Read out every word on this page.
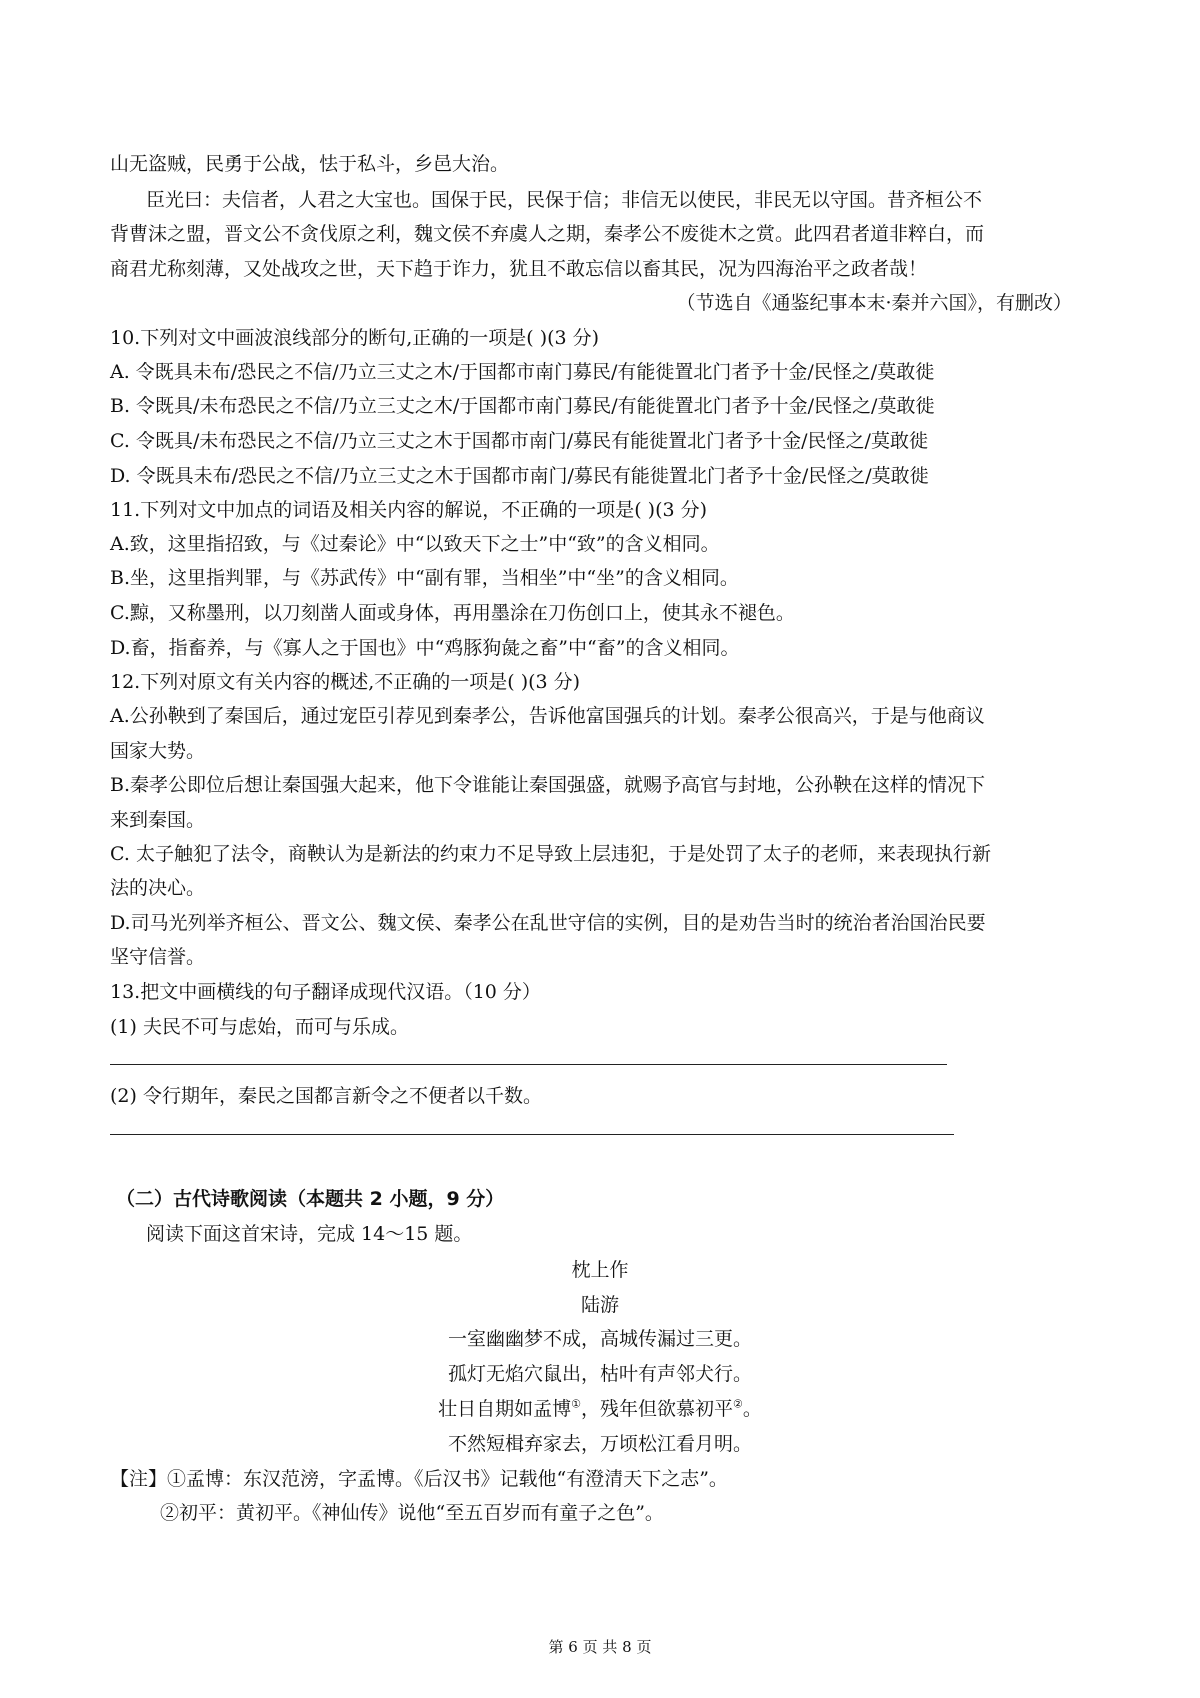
山无盗贼，民勇于公战，怯于私斗，乡邑大治。
臣光曰：夫信者，人君之大宝也。国保于民，民保于信；非信无以使民，非民无以守国。昔齐桓公不
背曹沫之盟，晋文公不贪伐原之利，魏文侯不弃虞人之期，秦孝公不废徙木之赏。此四君者道非粹白，而
商君尤称刻薄，又处战攻之世，天下趋于诈力，犹且不敢忘信以畜其民，况为四海治平之政者哉！
（节选自《通鉴纪事本末·秦并六国》，有删改）
10.下列对文中画波浪线部分的断句,正确的一项是( )(3 分)
A. 令既具未布/恐民之不信/乃立三丈之木/于国都市南门募民/有能徙置北门者予十金/民怪之/莫敢徙
B. 令既具/未布恐民之不信/乃立三丈之木/于国都市南门募民/有能徙置北门者予十金/民怪之/莫敢徙
C. 令既具/未布恐民之不信/乃立三丈之木于国都市南门/募民有能徙置北门者予十金/民怪之/莫敢徙
D. 令既具未布/恐民之不信/乃立三丈之木于国都市南门/募民有能徙置北门者予十金/民怪之/莫敢徙
11.下列对文中加点的词语及相关内容的解说，不正确的一项是( )(3 分)
A.致，这里指招致，与《过秦论》中“以致天下之士”中“致”的含义相同。
B.坐，这里指判罪，与《苏武传》中“副有罪，当相坐”中“坐”的含义相同。
C.黥，又称墨刑，以刀刻凿人面或身体，再用墨涂在刀伤创口上，使其永不褪色。
D.畜，指畜养，与《寡人之于国也》中“鸡豚狗彘之畜”中“畜”的含义相同。
12.下列对原文有关内容的概述,不正确的一项是( )(3 分)
A.公孙鞅到了秦国后，通过宠臣引荐见到秦孝公，告诉他富国强兵的计划。秦孝公很高兴，于是与他商议
国家大势。
B.秦孝公即位后想让秦国强大起来，他下令谁能让秦国强盛，就赐予高官与封地，公孙鞅在这样的情况下
来到秦国。
C. 太子触犯了法令，商鞅认为是新法的约束力不足导致上层违犯，于是处罚了太子的老师，来表现执行新
法的决心。
D.司马光列举齐桓公、晋文公、魏文侯、秦孝公在乱世守信的实例，目的是劝告当时的统治者治国治民要
坚守信誉。
13.把文中画横线的句子翻译成现代汉语。（10 分）
(1) 夫民不可与虑始，而可与乐成。
(2) 令行期年，秦民之国都言新令之不便者以千数。
（二）古代诗歌阅读（本题共 2 小题，9 分）
阅读下面这首宋诗，完成 14～15 题。
枕上作
陆游
一室幽幽梦不成，高城传漏过三更。
孤灯无焰穴鼠出，枯叶有声邻犬行。
壮日自期如孟博①，残年但欲慕初平②。
不然短楫弃家去，万顷松江看月明。
【注】①孟博：东汉范滂，字孟博。《后汉书》记载他“有澄清天下之志”。
②初平：黄初平。《神仙传》说他“至五百岁而有童子之色”。
第 6 页 共 8 页
